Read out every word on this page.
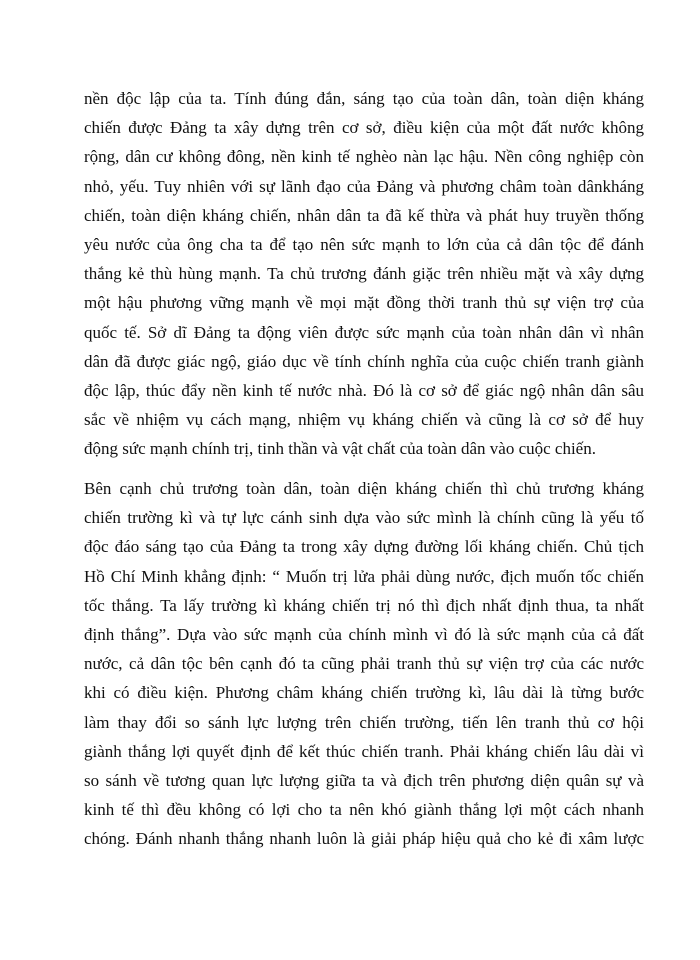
nền độc lập của ta. Tính đúng đắn, sáng tạo của toàn dân, toàn diện kháng
chiến được Đảng ta xây dựng trên cơ sở, điều kiện của một đất nước không
rộng, dân cư không đông, nền kinh tế nghèo nàn lạc hậu. Nền công nghiệp còn
nhỏ, yếu. Tuy nhiên với sự lãnh đạo của Đảng và phương châm toàn dânkháng
chiến, toàn diện kháng chiến, nhân dân ta đã kế thừa và phát huy truyền thống
yêu nước của ông cha ta để tạo nên sức mạnh to lớn của cả dân tộc để đánh
thắng kẻ thù hùng mạnh. Ta chủ trương đánh giặc trên nhiều mặt và xây dựng
một hậu phương vững mạnh về mọi mặt đồng thời tranh thủ sự viện trợ của
quốc tế. Sở dĩ Đảng ta động viên được sức mạnh của toàn nhân dân vì nhân
dân đã được giác ngộ, giáo dục về tính chính nghĩa của cuộc chiến tranh giành
độc lập, thúc đẩy nền kinh tế nước nhà. Đó là cơ sở để giác ngộ nhân dân sâu
sắc về nhiệm vụ cách mạng, nhiệm vụ kháng chiến và cũng là cơ sở để huy
động sức mạnh chính trị, tinh thần và vật chất của toàn dân vào cuộc chiến.
Bên cạnh chủ trương toàn dân, toàn diện kháng chiến thì chủ trương kháng
chiến trường kì và tự lực cánh sinh dựa vào sức mình là chính cũng là yếu tố
độc đáo sáng tạo của Đảng ta trong xây dựng đường lối kháng chiến. Chủ tịch
Hồ Chí Minh khẳng định: “ Muốn trị lửa phải dùng nước, địch muốn tốc chiến
tốc thắng. Ta lấy trường kì kháng chiến trị nó thì địch nhất định thua, ta nhất
định thắng”. Dựa vào sức mạnh của chính mình vì đó là sức mạnh của cả đất
nước, cả dân tộc bên cạnh đó ta cũng phải tranh thủ sự viện trợ của các nước
khi có điều kiện. Phương châm kháng chiến trường kì, lâu dài là từng bước
làm thay đổi so sánh lực lượng trên chiến trường, tiến lên tranh thủ cơ hội
giành thắng lợi quyết định để kết thúc chiến tranh. Phải kháng chiến lâu dài vì
so sánh về tương quan lực lượng giữa ta và địch trên phương diện quân sự và
kinh tế thì đều không có lợi cho ta nên khó giành thắng lợi một cách nhanh
chóng. Đánh nhanh thắng nhanh luôn là giải pháp hiệu quả cho kẻ đi xâm lược
